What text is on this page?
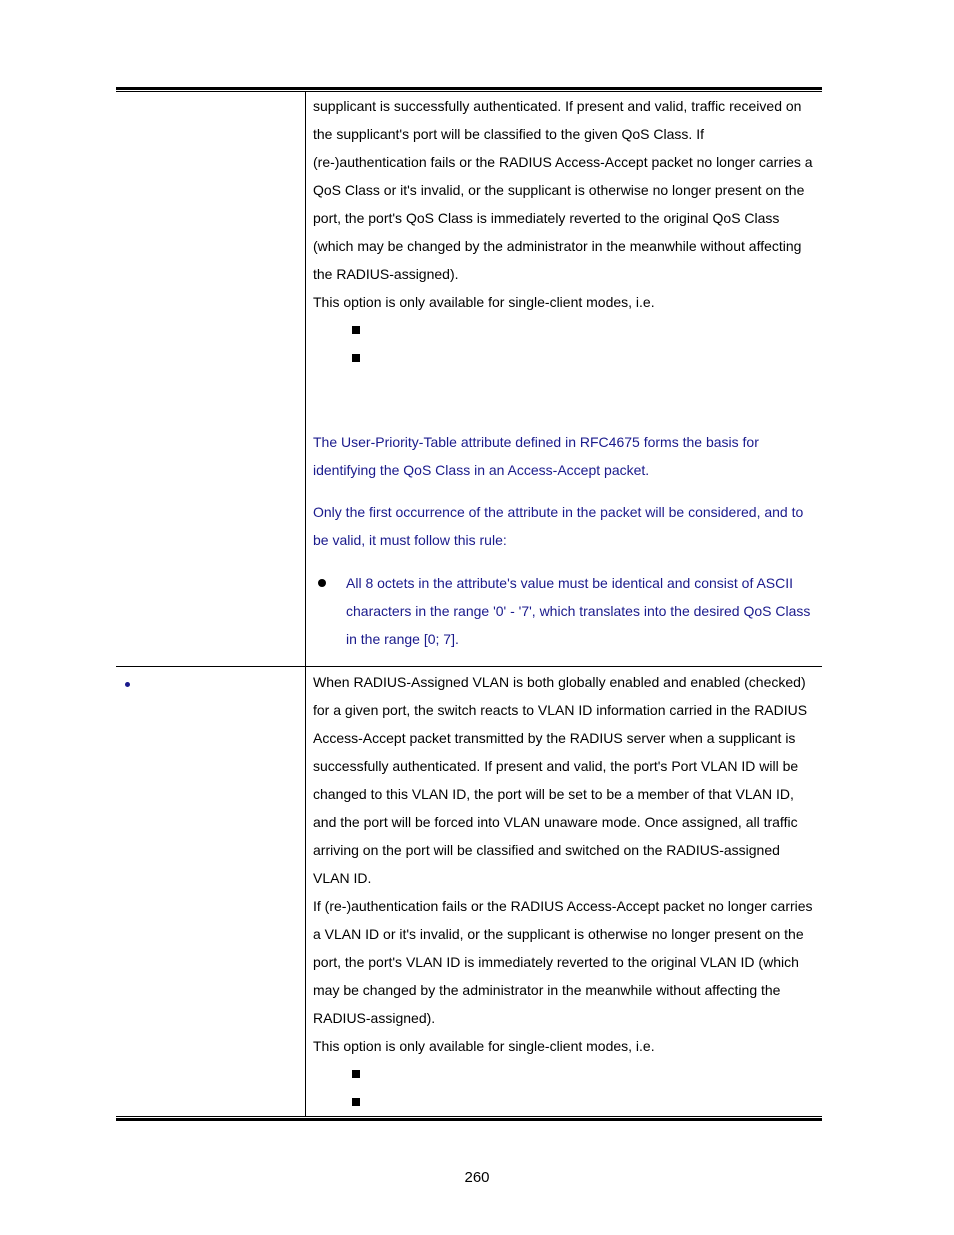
supplicant is successfully authenticated. If present and valid, traffic received on

the supplicant's port will be classified to the given QoS Class. If

(re-)authentication fails or the RADIUS Access-Accept packet no longer carries a

QoS Class or it's invalid, or the supplicant is otherwise no longer present on the

port, the port's QoS Class is immediately reverted to the original QoS Class

(which may be changed by the administrator in the meanwhile without affecting

the RADIUS-assigned).

This option is only available for single-client modes, i.e.

The User-Priority-Table attribute defined in RFC4675 forms the basis for

identifying the QoS Class in an Access-Accept packet.

Only the first occurrence of the attribute in the packet will be considered, and to

be valid, it must follow this rule:

All 8 octets in the attribute's value must be identical and consist of ASCII

characters in the range '0' - '7', which translates into the desired QoS Class

in the range [0; 7].

When RADIUS-Assigned VLAN is both globally enabled and enabled (checked)

for a given port, the switch reacts to VLAN ID information carried in the RADIUS

Access-Accept packet transmitted by the RADIUS server when a supplicant is

successfully authenticated. If present and valid, the port's Port VLAN ID will be

changed to this VLAN ID, the port will be set to be a member of that VLAN ID,

and the port will be forced into VLAN unaware mode. Once assigned, all traffic

arriving on the port will be classified and switched on the RADIUS-assigned

VLAN ID.

If (re-)authentication fails or the RADIUS Access-Accept packet no longer carries

a VLAN ID or it's invalid, or the supplicant is otherwise no longer present on the

port, the port's VLAN ID is immediately reverted to the original VLAN ID (which

may be changed by the administrator in the meanwhile without affecting the

RADIUS-assigned).

This option is only available for single-client modes, i.e.

260
